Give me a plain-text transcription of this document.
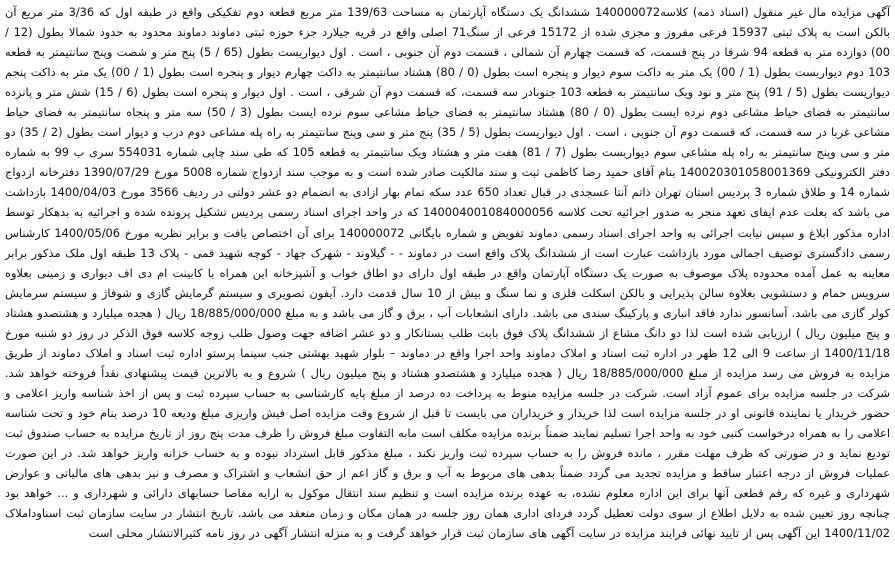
آگهی مزایده مال غیر منقول (اسناد ذمه) کلاسه140000072 ششدانگ یک دستگاه آپارتمان به مساحت 139/63 متر مربع قطعه دوم تفکیکی واقع در طبقه اول که 3/36 متر مربع آن بالکن است به پلاک ثبتی 15937 فرعی مفروز و مجزی شده از 15172 فرعی از سنگ71 اصلی واقع در قریه جیلارد جزء حوزه ثبتی دماوند دماوند محدود به حدود شمالا بطول (12 / 00) دوازده متر به قطعه 94 شرقا در پنج قسمت، که قسمت چهارم آن شمالی ، قسمت دوم آن جنوبی ، است . اول دیواریست بطول (65 / 5) پنج متر و شصت وپنج سانتیمتر به قطعه 103 دوم دیواریست بطول (1 / 00) یک متر به داکت سوم دیوار و پنجره است بطول (0 / 80) هشتاد سانتیمتر به داکت چهارم دیوار و پنجره است بطول (1 / 00) یک متر به داکت پنجم دیواریست بطول (5 / 91) پنج متر و نود ویک سانتیمتر به قطعه 103 جنوبادر سه قسمت، که قسمت دوم آن شرقی ، است . اول دیوار و پنجره است بطول (6 / 15) شش متر و پانزده سانتیمتر به فضای حیاط مشاعی دوم نرده ایست بطول (0 / 80) هشتاد سانتیمتر به فضای حیاط مشاعی سوم نرده ایست بطول (3 / 50) سه متر و پنجاه سانتیمتر به فضای حیاط مشاعی غربا در سه قسمت، که قسمت دوم آن جنوبی ، است . اول دیواریست بطول (5 / 35) پنج متر و سی وپنج سانتیمتر به راه پله مشاعی دوم درب و دیوار است بطول (2 / 35) دو متر و سی وپنج سانتیمتر به راه پله مشاعی سوم دیواریست بطول (7 / 81) هفت متر و هشتاد ویک سانتیمتر به قطعه 105 که طی سند چاپی شماره 554031 سری ب 99 به شماره دفتر الکترونیکی 140020301058001369 بنام آقای حمید رضا کاظمی ثبت و سند مالکیت صادر شده است و به موجب سند ازدواج شماره 5008 مورخ 1390/07/29 دفترخانه ازدواج شماره 14 و طلاق شماره 3 پردیس استان تهران ذاتم آنتا عسجدی در قبال تعداد 650 عدد سکه تمام بهار ازادی به انضمام دو عشر دولتی در ردیف 3566 مورخ 1400/04/03 بازداشت می باشد که بعلت عدم ایفای تعهد منجر به صدور اجرائیه تحت کلاسه 140004001084000056 که در واحد اجرای اسناد رسمی پردیس تشکیل پرونده شده و اجرائیه به بدهکار توسط اداره مذکور ابلاغ و سپس نیابت اجرائی به واحد اجرای اسناد رسمی دماوند تفویض و شماره بایگانی 140000072 برای آن اختصاص یافت و برابر نظریه مورخ 1400/05/06 کارشناس رسمی دادگستری توصیف اجمالی مورد بازداشت عبارت است از ششدانگ پلاک واقع است در دماوند - - گیلاوند - شهرک جهاد - کوچه شهید قمی - پلاک 13 طبقه اول ملک مذکور برابر معاینه به عمل آمده محدوده پلاک موصوف به صورت یک دستگاه آپارتمان واقع در طبقه اول دارای دو اطاق خواب و آشپزخانه این همراه با کابینت ام دی اف دیواری و زمینی بعلاوه سرویس حمام و دستشویی بعلاوه سالن پذیرایی و بالکن اسکلت فلزی و نما سنگ و بیش از 10 سال قدمت دارد. آیفون تصویری و سیستم گرمایش گازی و شوفاژ و سیستم سرمایش کولر گازی می باشد. آسانسور ندارد فاقد انباری و پارکینگ سندی می باشد. دارای انشعابات آب ، برق و گاز می باشد و به مبلغ 18/885/000/000 ریال ( هجده میلیارد و هشتصدو هشتاد و پنج میلیون ریال ) ارزیابی شده است لذا دو دانگ مشاع از ششدانگ پلاک فوق بابت طلب بستانکار و دو عشر اضافه جهت وصول طلب زوجه کلاسه فوق الذکر در روز دو شنبه مورخ 1400/11/18 از ساعت 9 الی 12 ظهر در اداره ثبت اسناد و املاک دماوند واحد اجرا واقع در دماوند – بلوار شهید بهشتی جنب سینما پرستو اداره ثبت اسناد و املاک دماوند از طریق مزایده به فروش می رسد مزایده از مبلغ 18/885/000/000 ریال ( هجده میلیارد و هشتصدو هشتاد و پنج میلیون ریال ) شروع و به بالاترین قیمت پیشنهادی نقداً فروخته خواهد شد. شرکت در جلسه مزایده برای عموم آزاد است. شرکت در جلسه مزایده منوط به پرداخت ده درصد از مبلغ پایه کارشناسی به حساب سپرده ثبت و پس از اخذ شناسه واریز اعلامی و حضور خریدار یا نماینده قانونی او در جلسه مزایده است لذا خریدار و خریداران می بایست تا قبل از شروع وقت مزایده اصل فیش واریزی مبلغ ودیعه 10 درصد بنام خود و تحت شناسه اعلامی را به همراه درخواست کتبی خود به واحد اجرا تسلیم نمایند ضمناً برنده مزایده مکلف است مابه التفاوت مبلغ فروش را ظرف مدت پنج روز از تاریخ مزایده به حساب صندوق ثبت تودیع نماید و در صورتی که ظرف مهلت مقرر ، مانده فروش را به حساب سپرده ثبت واریز نکند ، مبلغ مذکور قابل استرداد نبوده و به حساب خزانه واریز خواهد شد. در این صورت عملیات فروش از درجه اعتبار ساقط و مزایده تجدید می گردد ضمناً بدهی های مربوط به آب و برق و گاز اعم از حق انشعاب و اشتراک و مصرف و نیز بدهی های مالیاتی و عوارض شهرداری و غیره که رقم قطعی آنها برای این اداره معلوم نشده، به عهده برنده مزایده است و تنظیم سند انتقال موکول به ارایه مفاصا حسابهای دارائی و شهرداری و ... خواهد بود چنانچه روز تعیین شده به دلایل اطلاع از سوی دولت تعطیل گردد فردای اداری همان روز جلسه در همان مکان و زمان منعقد می باشد. تاریخ انتشار در سایت سازمان ثبت اسناوداملاک 1400/11/02 این آگهی پس از تایید نهائی فرایند مزایده در سایت آگهی های سازمان ثبت قرار خواهد گرفت و به منزله انتشار آگهی در روز نامه کثیرالانتشار محلی است
